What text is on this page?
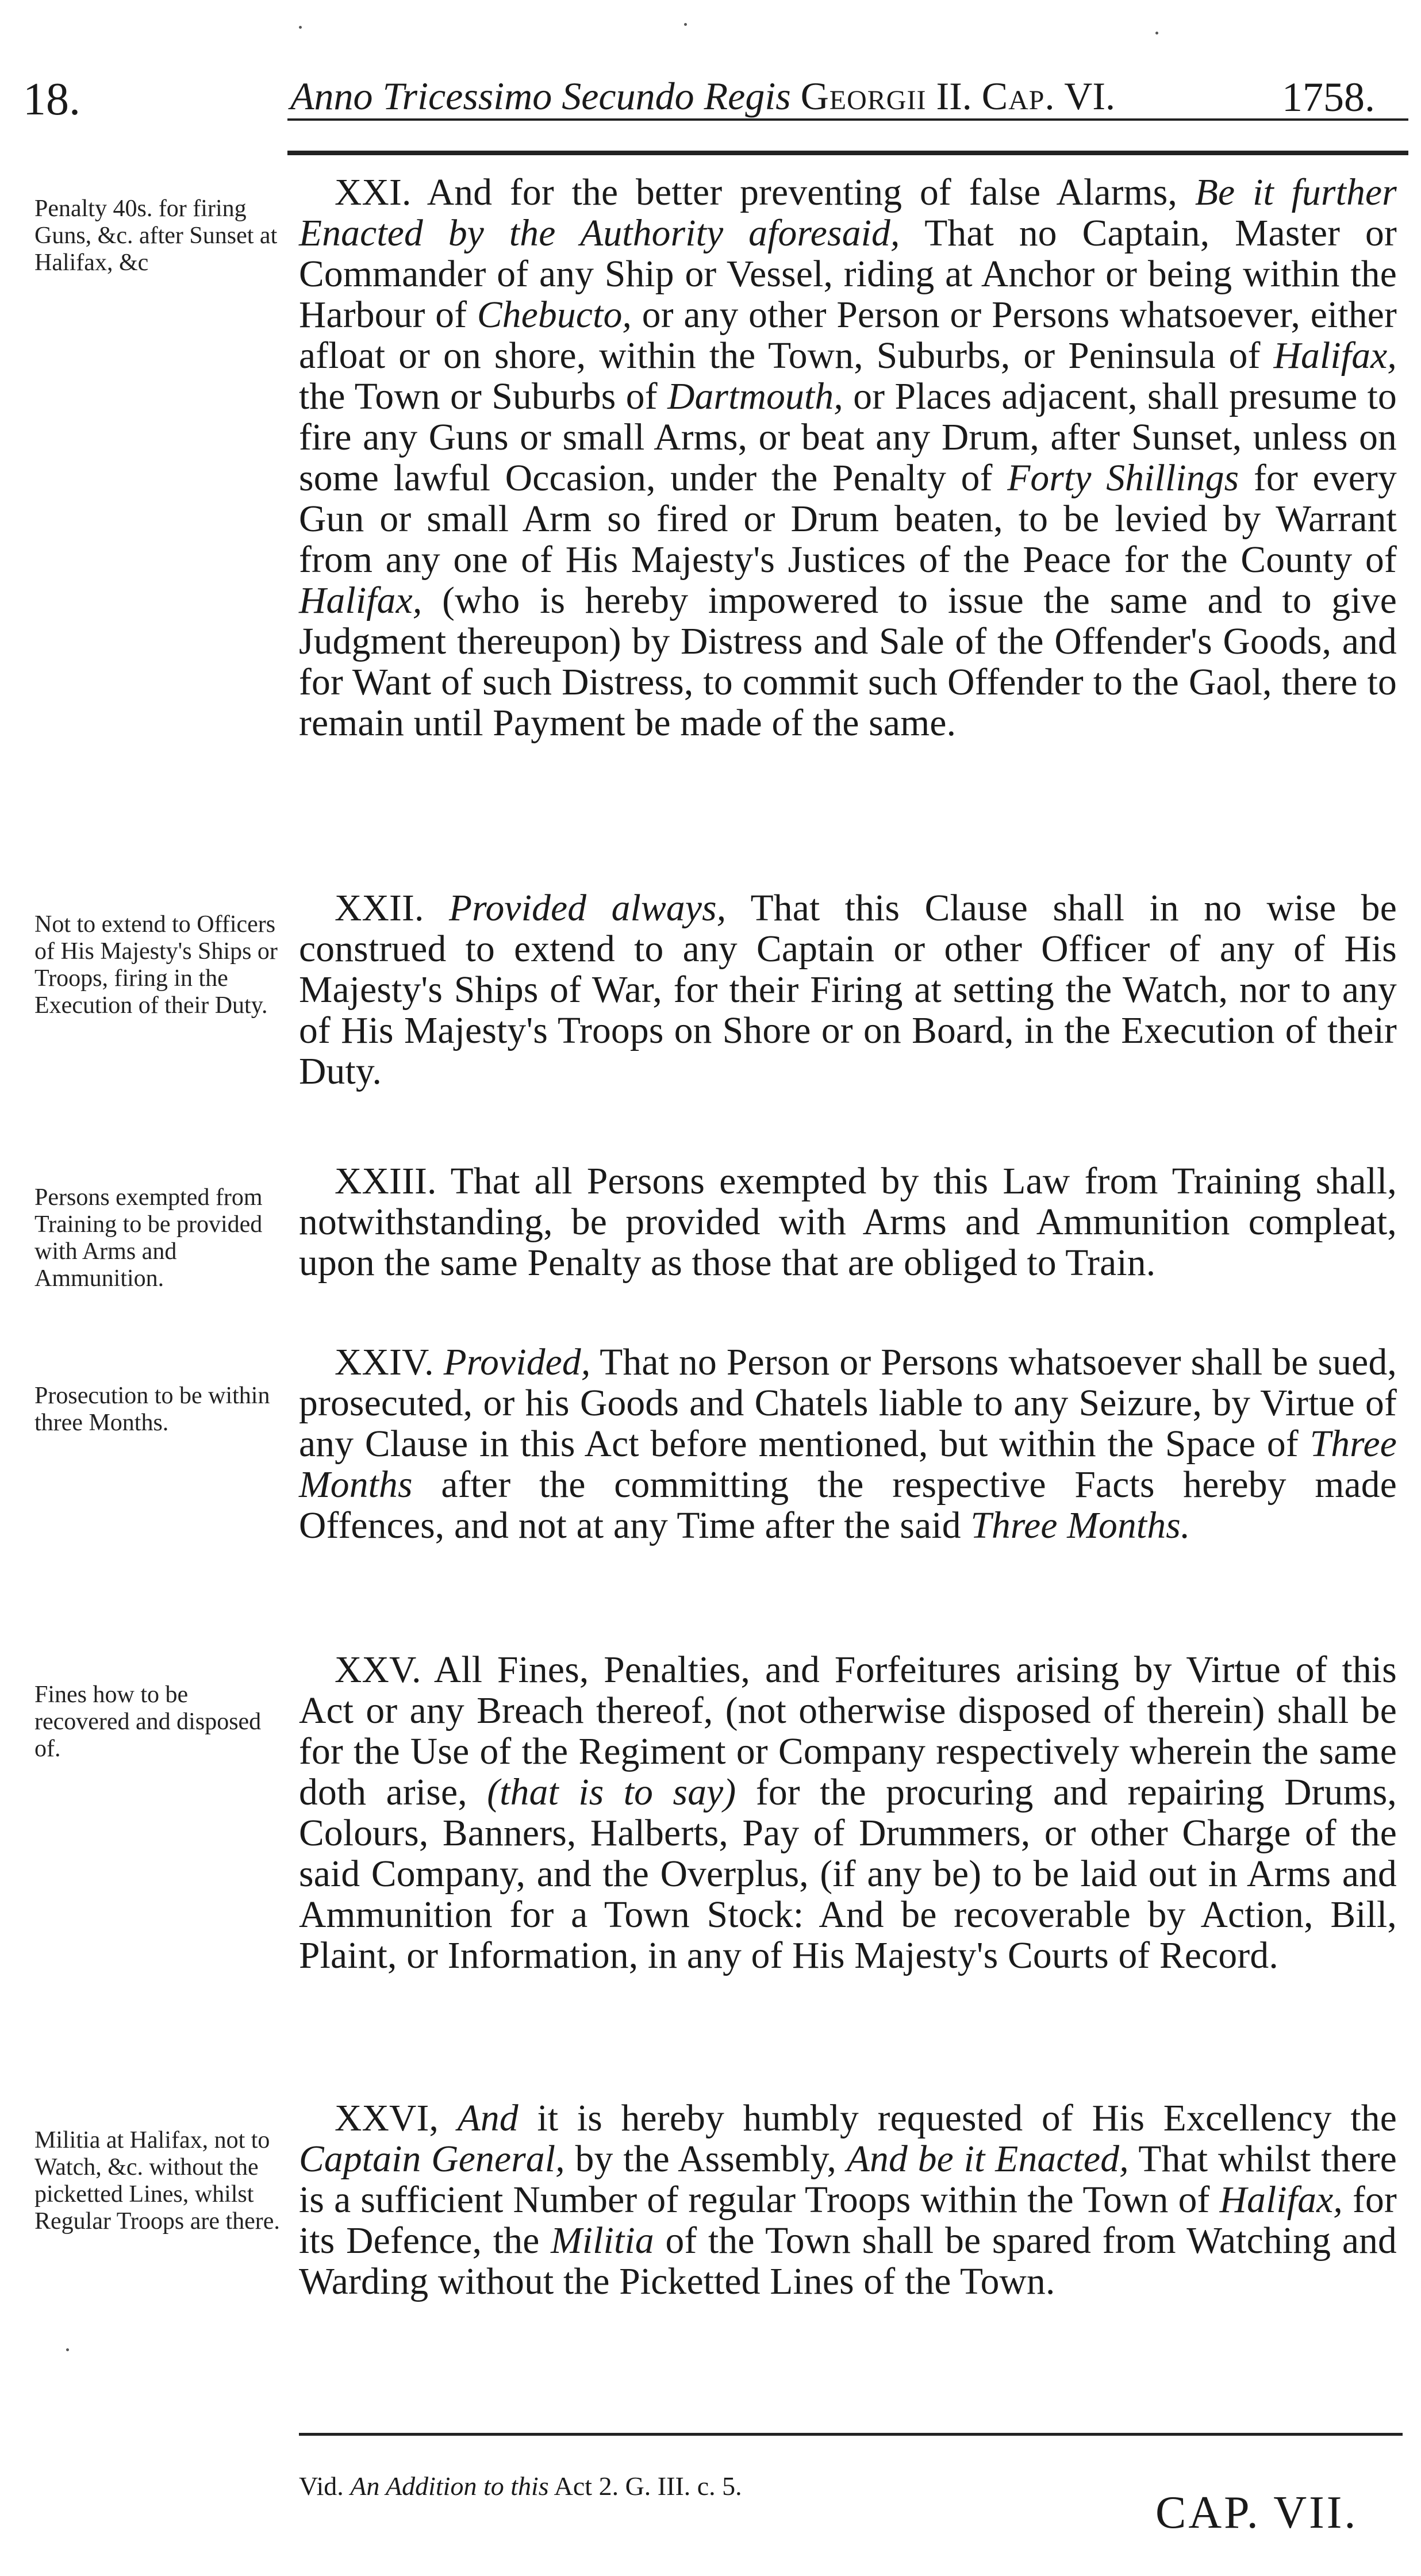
18.	Anno Tricessimo Secundo Regis Georgii II. Cap. VI.	1758.
Penalty 40s. for firing Guns, &c. after Sunset at Halifax, &c
Not to extend to Officers of His Majesty's Ships or Troops, firing in the Execution of their Duty.
Persons exempted from Training to be provided with Arms and Ammunition.
Prosecution to be within three Months.
Fines how to be recovered and disposed of.
Militia at Halifax, not to Watch, &c. without the picketted Lines, whilst Regular Troops are there.

XXI. And for the better preventing of false Alarms, Be it further Enacted by the Authority aforesaid, That no Captain, Master or Commander of any Ship or Vessel, riding at Anchor or being within the Harbour of Chebucto, or any other Person or Persons whatsoever, either afloat or on shore, within the Town, Suburbs, or Peninsula of Halifax, the Town or Suburbs of Dartmouth, or Places adjacent, shall presume to fire any Guns or small Arms, or beat any Drum, after Sunset, unless on some lawful Occasion, under the Penalty of Forty Shillings for every Gun or small Arm so fired or Drum beaten, to be levied by Warrant from any one of His Majesty's Justices of the Peace for the County of Halifax, (who is hereby impowered to issue the same and to give Judgment thereupon) by Distress and Sale of the Offender's Goods, and for Want of such Distress, to commit such Offender to the Gaol, there to remain until Payment be made of the same.

XXII. Provided always, That this Clause shall in no wise be construed to extend to any Captain or other Officer of any of His Majesty's Ships of War, for their Firing at setting the Watch, nor to any of His Majesty's Troops on Shore or on Board, in the Execution of their Duty.

XXIII. That all Persons exempted by this Law from Training shall, notwithstanding, be provided with Arms and Ammunition compleat, upon the same Penalty as those that are obliged to Train.

XXIV. Provided, That no Person or Persons whatsoever shall be sued, prosecuted, or his Goods and Chatels liable to any Seizure, by Virtue of any Clause in this Act before mentioned, but within the Space of Three Months after the committing the respective Facts hereby made Offences, and not at any Time after the said Three Months.

XXV. All Fines, Penalties, and Forfeitures arising by Virtue of this Act or any Breach thereof, (not otherwise disposed of therein) shall be for the Use of the Regiment or Company respectively wherein the same doth arise, (that is to say) for the procuring and repairing Drums, Colours, Banners, Halberts, Pay of Drummers, or other Charge of the said Company, and the Overplus, (if any be) to be laid out in Arms and Ammunition for a Town Stock: And be recoverable by Action, Bill, Plaint, or Information, in any of His Majesty's Courts of Record.

XXVI, And it is hereby humbly requested of His Excellency the Captain General, by the Assembly, And be it Enacted, That whilst there is a sufficient Number of regular Troops within the Town of Halifax, for its Defence, the Militia of the Town shall be spared from Watching and Warding without the Picketted Lines of the Town.

Vid. An Addition to this Act 2. G. III. c. 5.
CAP. VII.
